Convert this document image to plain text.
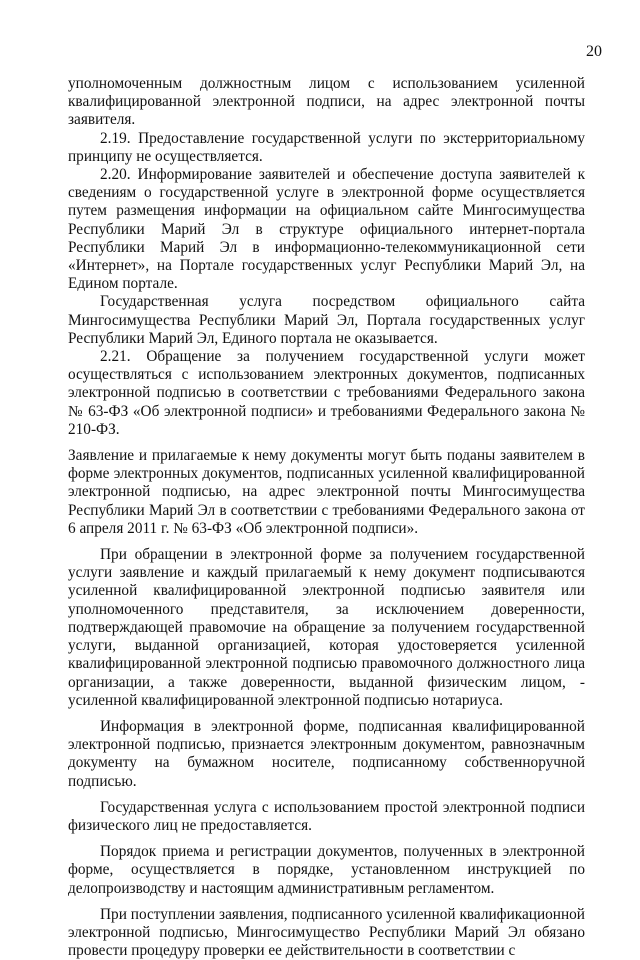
20

уполномоченным должностным лицом с использованием усиленной квалифицированной электронной подписи, на адрес электронной почты заявителя.

2.19. Предоставление государственной услуги по экстерриториальному принципу не осуществляется.

2.20. Информирование заявителей и обеспечение доступа заявителей к сведениям о государственной услуге в электронной форме осуществляется путем размещения информации на официальном сайте Мингосимущества Республики Марий Эл в структуре официального интернет-портала Республики Марий Эл в информационно-телекоммуникационной сети «Интернет», на Портале государственных услуг Республики Марий Эл, на Едином портале.

Государственная услуга посредством официального сайта Мингосимущества Республики Марий Эл, Портала государственных услуг Республики Марий Эл, Единого портала не оказывается.

2.21. Обращение за получением государственной услуги может осуществляться с использованием электронных документов, подписанных электронной подписью в соответствии с требованиями Федерального закона № 63-ФЗ «Об электронной подписи» и требованиями Федерального закона № 210-ФЗ.

Заявление и прилагаемые к нему документы могут быть поданы заявителем в форме электронных документов, подписанных усиленной квалифицированной электронной подписью, на адрес электронной почты Мингосимущества Республики Марий Эл в соответствии с требованиями Федерального закона от 6 апреля 2011 г. № 63-ФЗ «Об электронной подписи».

При обращении в электронной форме за получением государственной услуги заявление и каждый прилагаемый к нему документ подписываются усиленной квалифицированной электронной подписью заявителя или уполномоченного представителя, за исключением доверенности, подтверждающей правомочие на обращение за получением государственной услуги, выданной организацией, которая удостоверяется усиленной квалифицированной электронной подписью правомочного должностного лица организации, а также доверенности, выданной физическим лицом, - усиленной квалифицированной электронной подписью нотариуса.

Информация в электронной форме, подписанная квалифицированной электронной подписью, признается электронным документом, равнозначным документу на бумажном носителе, подписанному собственноручной подписью.

Государственная услуга с использованием простой электронной подписи физического лиц не предоставляется.

Порядок приема и регистрации документов, полученных в электронной форме, осуществляется в порядке, установленном инструкцией по делопроизводству и настоящим административным регламентом.

При поступлении заявления, подписанного усиленной квалификационной электронной подписью, Мингосимущество Республики Марий Эл обязано провести процедуру проверки ее действительности в соответствии с
